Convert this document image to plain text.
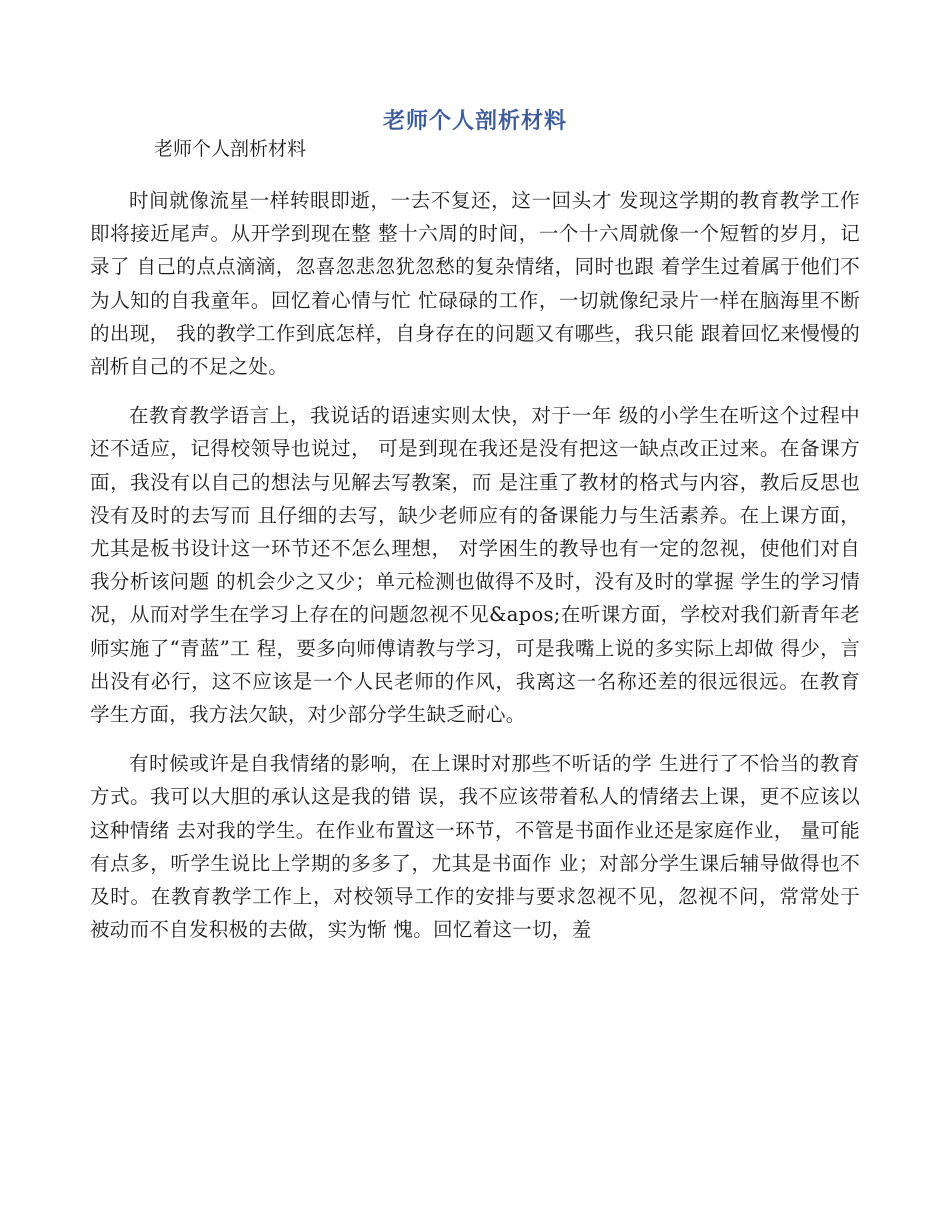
老师个人剖析材料

老师个人剖析材料

时间就像流星一样转眼即逝，一去不复还，这一回头才 发现这学期的教育教学工作即将接近尾声。从开学到现在整 整十六周的时间，一个十六周就像一个短暂的岁月，记录了 自己的点点滴滴，忽喜忽悲忽犹忽愁的复杂情绪，同时也跟 着学生过着属于他们不为人知的自我童年。回忆着心情与忙 忙碌碌的工作，一切就像纪录片一样在脑海里不断的出现， 我的教学工作到底怎样，自身存在的问题又有哪些，我只能 跟着回忆来慢慢的剖析自己的不足之处。

在教育教学语言上，我说话的语速实则太快，对于一年 级的小学生在听这个过程中还不适应，记得校领导也说过， 可是到现在我还是没有把这一缺点改正过来。在备课方面，我没有以自己的想法与见解去写教案，而 是注重了教材的格式与内容，教后反思也没有及时的去写而 且仔细的去写，缺少老师应有的备课能力与生活素养。在上课方面，尤其是板书设计这一环节还不怎么理想， 对学困生的教导也有一定的忽视，使他们对自我分析该问题 的机会少之又少；单元检测也做得不及时，没有及时的掌握 学生的学习情况，从而对学生在学习上存在的问题忽视不见&apos;在听课方面，学校对我们新青年老师实施了“青蓝”工 程，要多向师傅请教与学习，可是我嘴上说的多实际上却做 得少，言出没有必行，这不应该是一个人民老师的作风，我离这一名称还差的很远很远。在教育学生方面，我方法欠缺，对少部分学生缺乏耐心。

有时候或许是自我情绪的影响，在上课时对那些不听话的学 生进行了不恰当的教育方式。我可以大胆的承认这是我的错 误，我不应该带着私人的情绪去上课，更不应该以这种情绪 去对我的学生。在作业布置这一环节，不管是书面作业还是家庭作业， 量可能有点多，听学生说比上学期的多多了，尤其是书面作 业；对部分学生课后辅导做得也不及时。在教育教学工作上，对校领导工作的安排与要求忽视不见，忽视不问，常常处于被动而不自发积极的去做，实为惭 愧。回忆着这一切，羞
